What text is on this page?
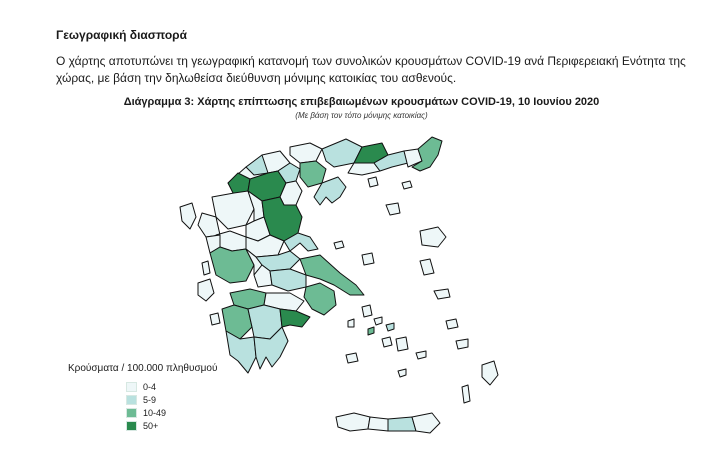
Γεωγραφική διασπορά
Ο χάρτης αποτυπώνει τη γεωγραφική κατανομή των συνολικών κρουσμάτων COVID-19 ανά Περιφερειακή Ενότητα της χώρας, με βάση την δηλωθείσα διεύθυνση μόνιμης κατοικίας του ασθενούς.
Διάγραμμα 3: Χάρτης επίπτωσης επιβεβαιωμένων κρουσμάτων COVID-19, 10 Ιουνίου 2020
(Με βάση τον τόπο μόνιμης κατοικίας)
Κρούσματα / 100.000 πληθυσμού
0-4
5-9
10-49
50+
